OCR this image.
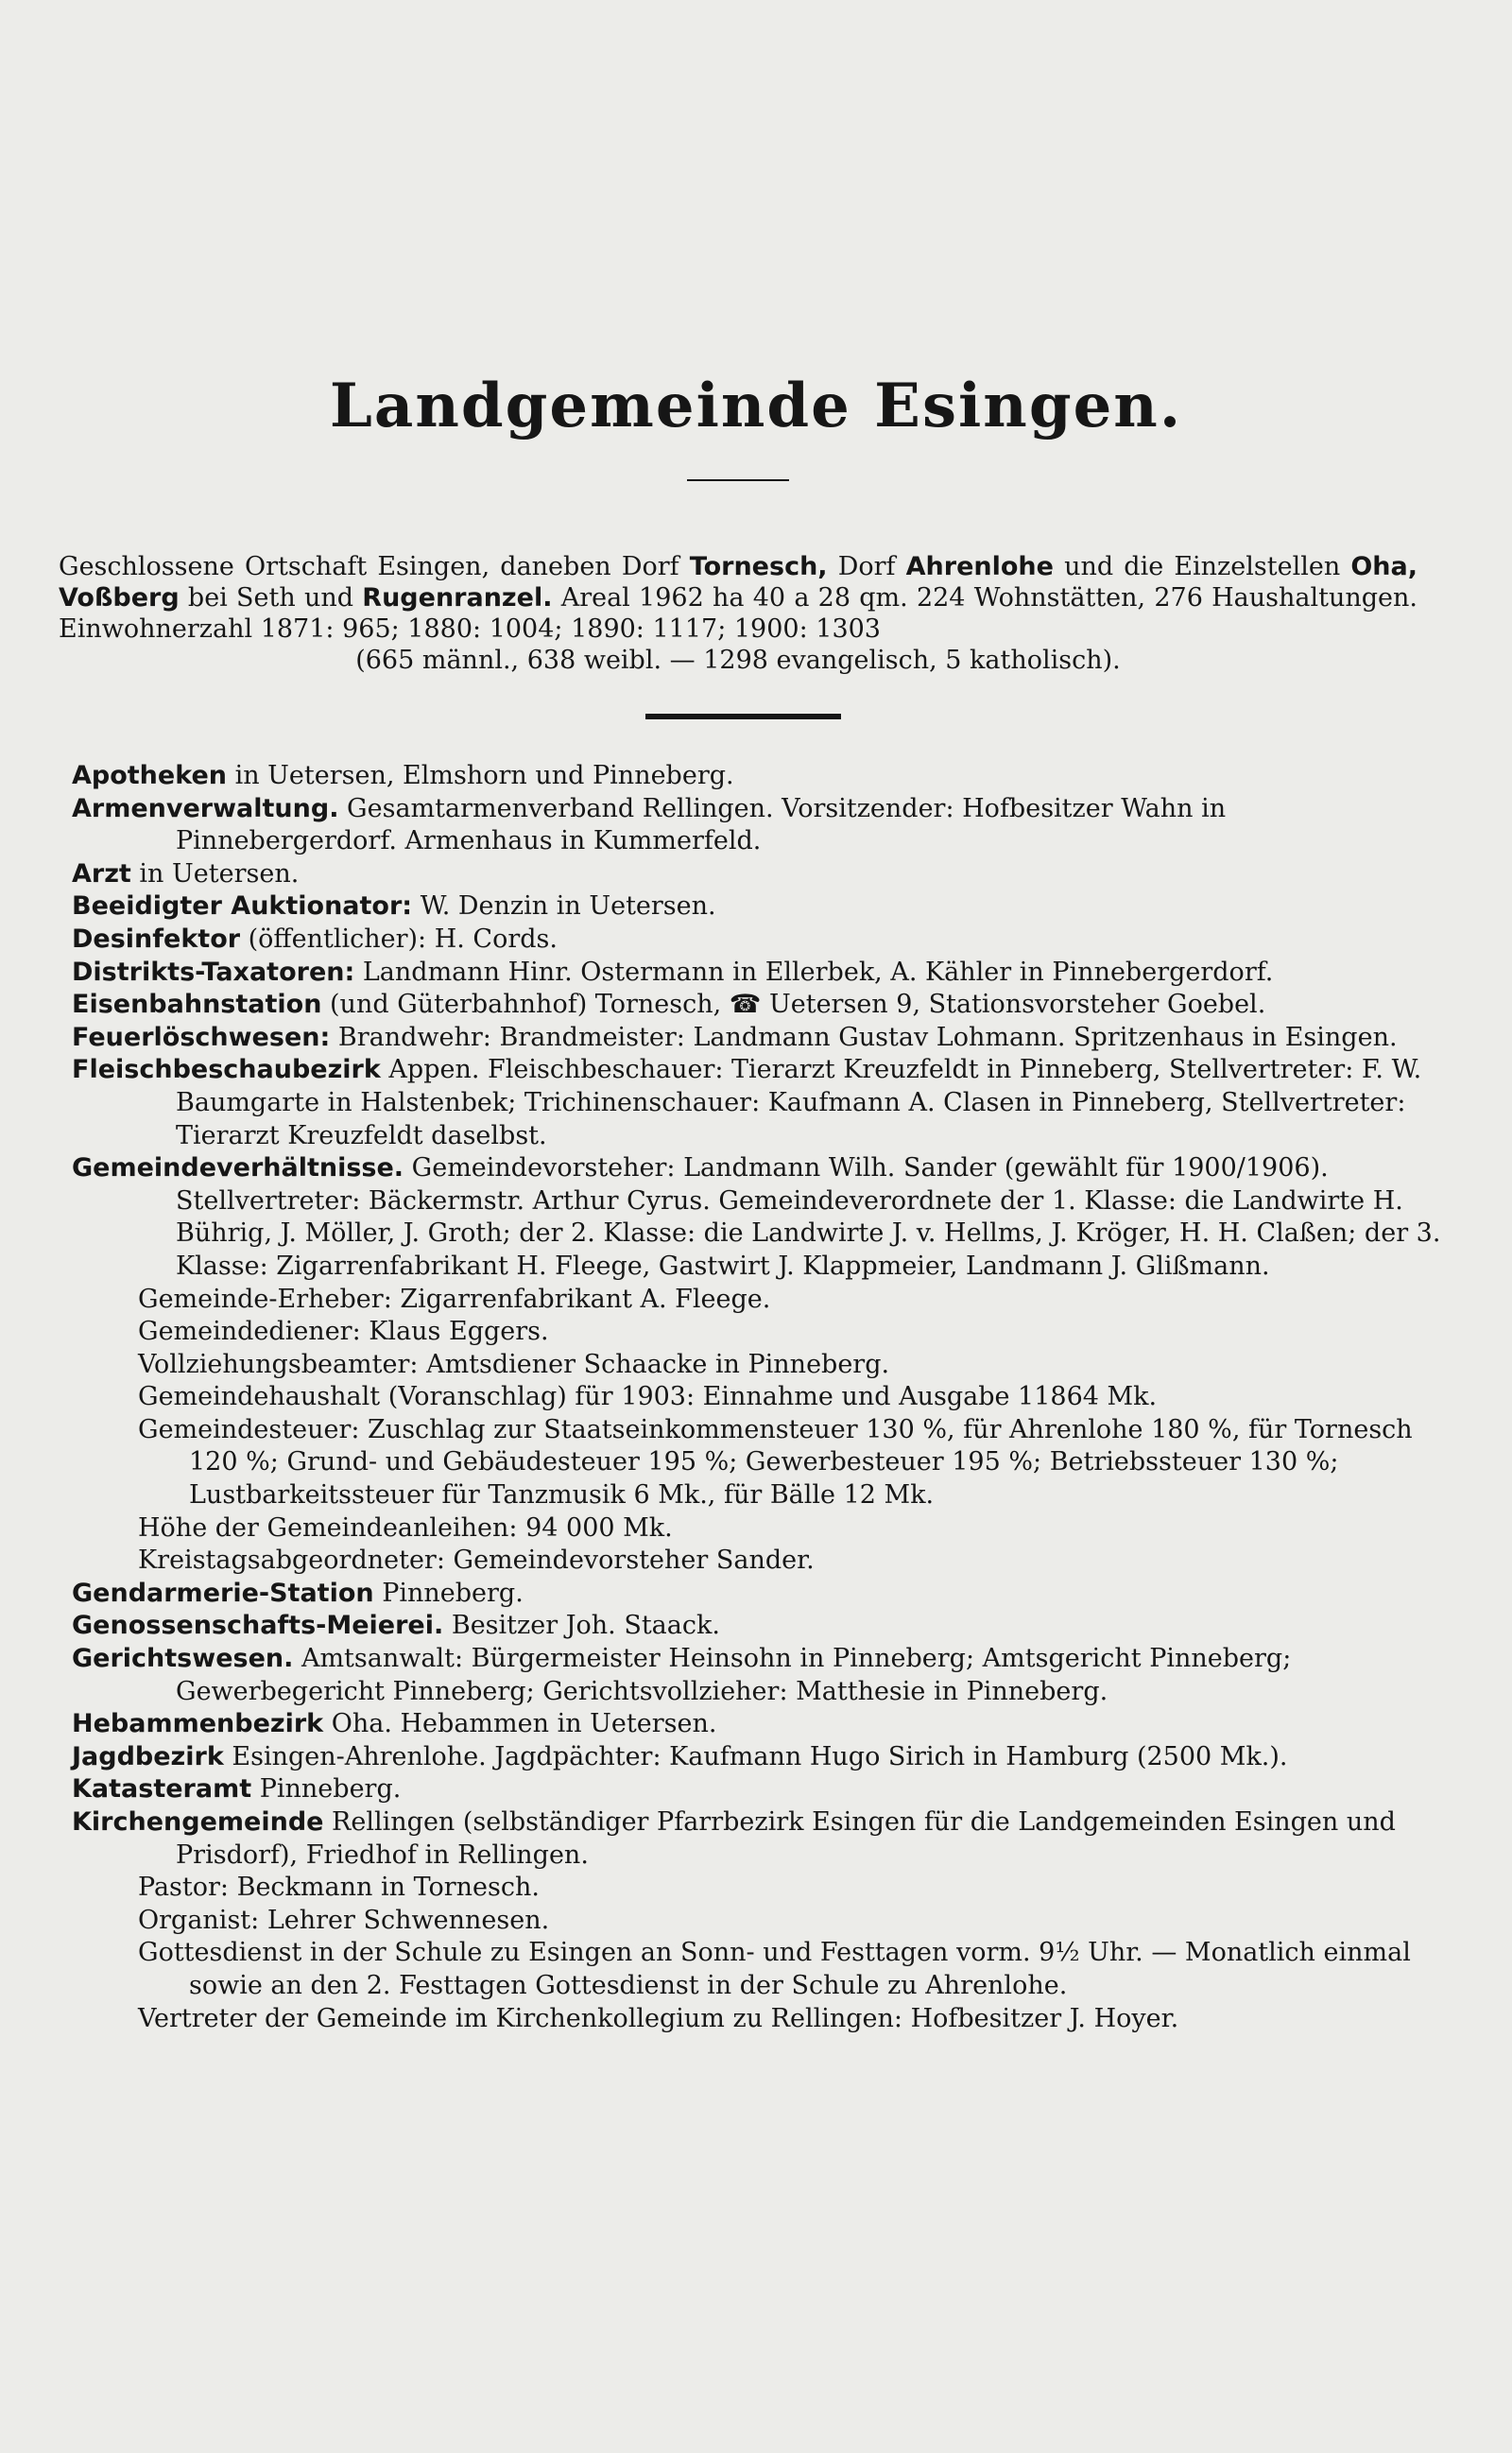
Landgemeinde Esingen.

Geschlossene Ortschaft Esingen, daneben Dorf Tornesch, Dorf Ahrenlohe und die Einzelstellen Oha, Voßberg bei Seth und Rugenranzel. Areal 1962 ha 40 a 28 qm. 224 Wohnstätten, 276 Haushaltungen. Einwohnerzahl 1871: 965; 1880: 1004; 1890: 1117; 1900: 1303
(665 männl., 638 weibl. — 1298 evangelisch, 5 katholisch).

Apotheken in Uetersen, Elmshorn und Pinneberg.

Armenverwaltung. Gesamtarmenverband Rellingen. Vorsitzender: Hofbesitzer Wahn in Pinnebergerdorf. Armenhaus in Kummerfeld.

Arzt in Uetersen.

Beeidigter Auktionator: W. Denzin in Uetersen.

Desinfektor (öffentlicher): H. Cords.

Distrikts-Taxatoren: Landmann Hinr. Ostermann in Ellerbek, A. Kähler in Pinnebergerdorf.

Eisenbahnstation (und Güterbahnhof) Tornesch, ☎ Uetersen 9, Stationsvorsteher Goebel.

Feuerlöschwesen: Brandwehr: Brandmeister: Landmann Gustav Lohmann. Spritzenhaus in Esingen.

Fleischbeschaubezirk Appen. Fleischbeschauer: Tierarzt Kreuzfeldt in Pinneberg, Stellvertreter: F. W. Baumgarte in Halstenbek; Trichinenschauer: Kaufmann A. Clasen in Pinneberg, Stellvertreter: Tierarzt Kreuzfeldt daselbst.

Gemeindeverhältnisse. Gemeindevorsteher: Landmann Wilh. Sander (gewählt für 1900/1906). Stellvertreter: Bäckermstr. Arthur Cyrus. Gemeindeverordnete der 1. Klasse: die Landwirte H. Bührig, J. Möller, J. Groth; der 2. Klasse: die Landwirte J. v. Hellms, J. Kröger, H. H. Claßen; der 3. Klasse: Zigarrenfabrikant H. Fleege, Gastwirt J. Klappmeier, Landmann J. Glißmann.

Gemeinde-Erheber: Zigarrenfabrikant A. Fleege.

Gemeindediener: Klaus Eggers.

Vollziehungsbeamter: Amtsdiener Schaacke in Pinneberg.

Gemeindehaushalt (Voranschlag) für 1903: Einnahme und Ausgabe 11864 Mk.

Gemeindesteuer: Zuschlag zur Staatseinkommensteuer 130 %, für Ahrenlohe 180 %, für Tornesch 120 %; Grund- und Gebäudesteuer 195 %; Gewerbesteuer 195 %; Betriebssteuer 130 %; Lustbarkeitssteuer für Tanzmusik 6 Mk., für Bälle 12 Mk.

Höhe der Gemeindeanleihen: 94 000 Mk.

Kreistagsabgeordneter: Gemeindevorsteher Sander.

Gendarmerie-Station Pinneberg.

Genossenschafts-Meierei. Besitzer Joh. Staack.

Gerichtswesen. Amtsanwalt: Bürgermeister Heinsohn in Pinneberg; Amtsgericht Pinneberg; Gewerbegericht Pinneberg; Gerichtsvollzieher: Matthesie in Pinneberg.

Hebammenbezirk Oha. Hebammen in Uetersen.

Jagdbezirk Esingen-Ahrenlohe. Jagdpächter: Kaufmann Hugo Sirich in Hamburg (2500 Mk.).

Katasteramt Pinneberg.

Kirchengemeinde Rellingen (selbständiger Pfarrbezirk Esingen für die Landgemeinden Esingen und Prisdorf), Friedhof in Rellingen.

Pastor: Beckmann in Tornesch.

Organist: Lehrer Schwennesen.

Gottesdienst in der Schule zu Esingen an Sonn- und Festtagen vorm. 9½ Uhr. — Monatlich einmal sowie an den 2. Festtagen Gottesdienst in der Schule zu Ahrenlohe.

Vertreter der Gemeinde im Kirchenkollegium zu Rellingen: Hofbesitzer J. Hoyer.
